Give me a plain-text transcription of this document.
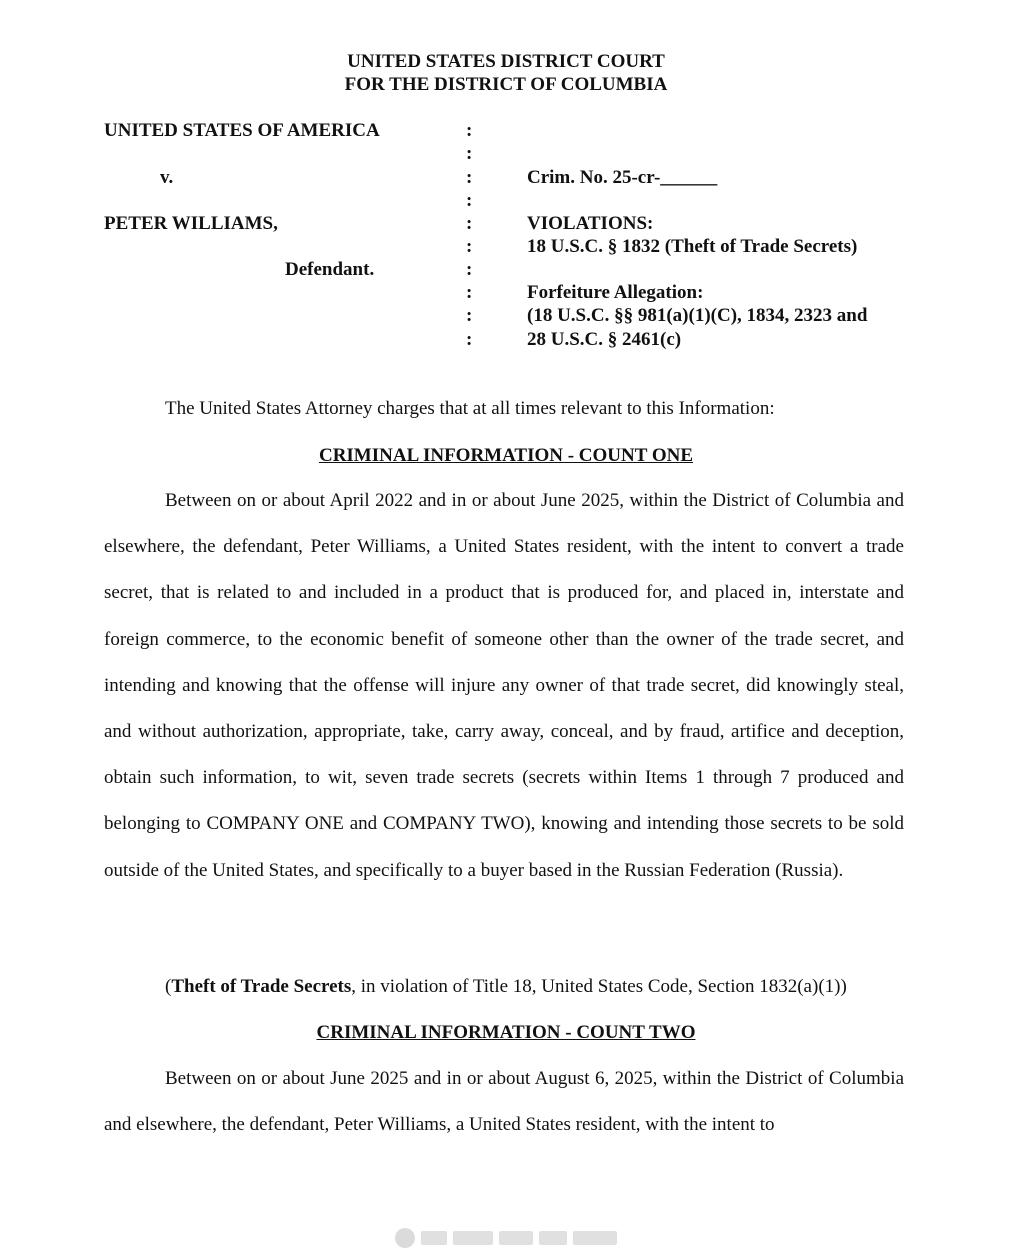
UNITED STATES DISTRICT COURT
FOR THE DISTRICT OF COLUMBIA
UNITED STATES OF AMERICA
v.
PETER WILLIAMS,
Defendant.
:
:
:
:
:
:
:
:
:
:
Crim. No. 25-cr-______
VIOLATIONS:
18 U.S.C. § 1832 (Theft of Trade Secrets)
Forfeiture Allegation:
(18 U.S.C. §§ 981(a)(1)(C), 1834, 2323 and
28 U.S.C. § 2461(c)
The United States Attorney charges that at all times relevant to this Information:
CRIMINAL INFORMATION - COUNT ONE

Between on or about April 2022 and in or about June 2025, within the District of Columbia and elsewhere, the defendant, Peter Williams, a United States resident, with the intent to convert a trade secret, that is related to and included in a product that is produced for, and placed in, interstate and foreign commerce, to the economic benefit of someone other than the owner of the trade secret, and intending and knowing that the offense will injure any owner of that trade secret, did knowingly steal, and without authorization, appropriate, take, carry away, conceal, and by fraud, artifice and deception, obtain such information, to wit, seven trade secrets (secrets within Items 1 through 7 produced and belonging to COMPANY ONE and COMPANY TWO), knowing and intending those secrets to be sold outside of the United States, and specifically to a buyer based in the Russian Federation (Russia).

(Theft of Trade Secrets, in violation of Title 18, United States Code, Section 1832(a)(1))
CRIMINAL INFORMATION - COUNT TWO

Between on or about June 2025 and in or about August 6, 2025, within the District of Columbia and elsewhere, the defendant, Peter Williams, a United States resident, with the intent to
